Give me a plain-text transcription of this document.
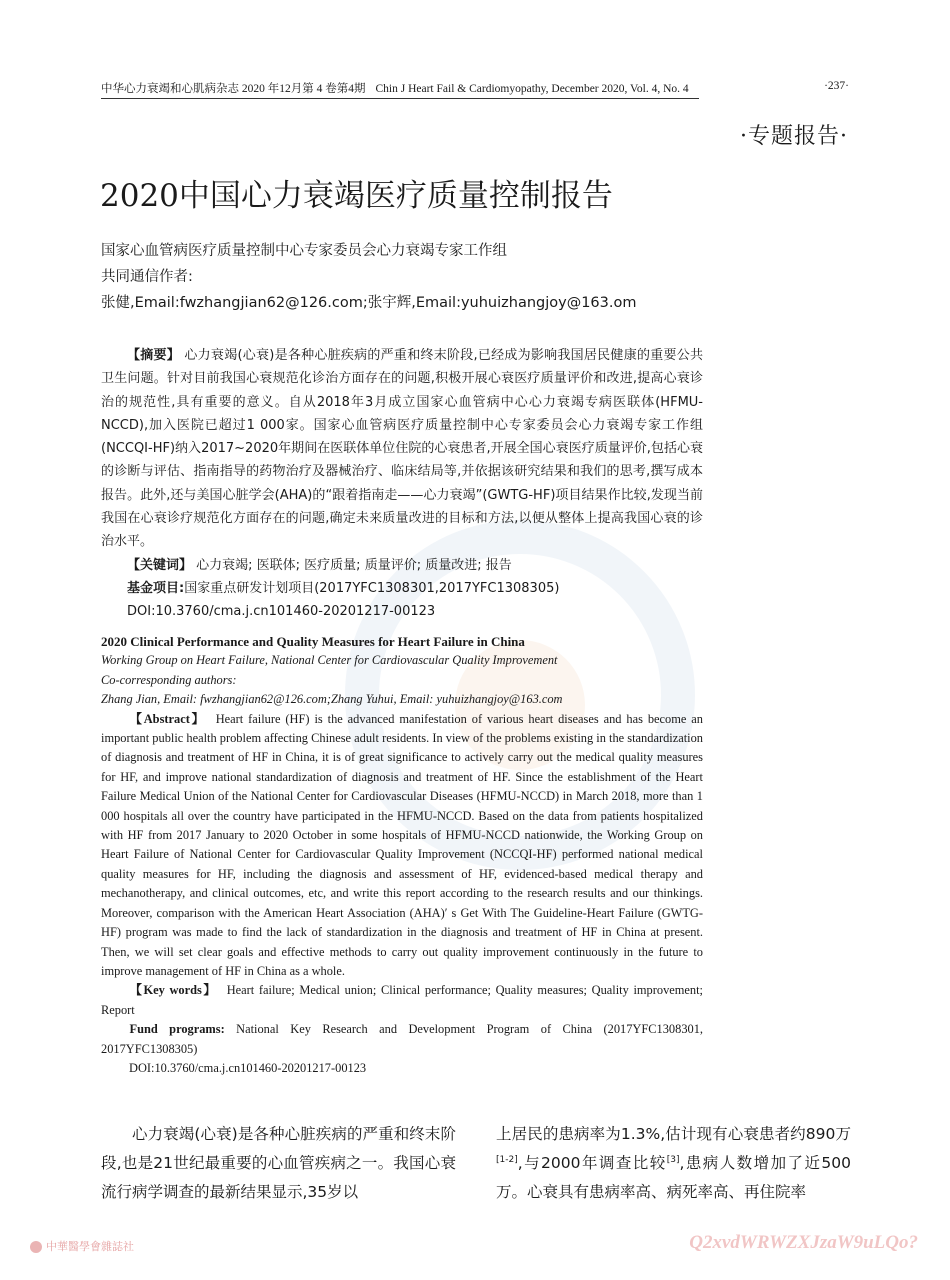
中华心力衰竭和心肌病杂志 2020 年12月第 4 卷第4期 Chin J Heart Fail & Cardiomyopathy, December 2020, Vol. 4, No. 4	·237·
·专题报告·
2020中国心力衰竭医疗质量控制报告
国家心血管病医疗质量控制中心专家委员会心力衰竭专家工作组
共同通信作者:
张健,Email:fwzhangjian62@126.com;张宇辉,Email:yuhuizhangjoy@163.om

【摘要】 心力衰竭(心衰)是各种心脏疾病的严重和终末阶段,已经成为影响我国居民健康的重要公共卫生问题。针对目前我国心衰规范化诊治方面存在的问题,积极开展心衰医疗质量评价和改进,提高心衰诊治的规范性,具有重要的意义。自从2018年3月成立国家心血管病中心心力衰竭专病医联体(HFMU-NCCD),加入医院已超过1 000家。国家心血管病医疗质量控制中心专家委员会心力衰竭专家工作组(NCCQI-HF)纳入2017~2020年期间在医联体单位住院的心衰患者,开展全国心衰医疗质量评价,包括心衰的诊断与评估、指南指导的药物治疗及器械治疗、临床结局等,并依据该研究结果和我们的思考,撰写成本报告。此外,还与美国心脏学会(AHA)的“跟着指南走——心力衰竭”(GWTG-HF)项目结果作比较,发现当前我国在心衰诊疗规范化方面存在的问题,确定未来质量改进的目标和方法,以便从整体上提高我国心衰的诊治水平。

【关键词】 心力衰竭; 医联体; 医疗质量; 质量评价; 质量改进; 报告

基金项目:国家重点研发计划项目(2017YFC1308301,2017YFC1308305)

DOI:10.3760/cma.j.cn101460-20201217-00123

2020 Clinical Performance and Quality Measures for Heart Failure in China

Working Group on Heart Failure, National Center for Cardiovascular Quality Improvement

Co-corresponding authors:

Zhang Jian, Email: fwzhangjian62@126.com;Zhang Yuhui, Email: yuhuizhangjoy@163.com

【Abstract】 Heart failure (HF) is the advanced manifestation of various heart diseases and has become an important public health problem affecting Chinese adult residents. In view of the problems existing in the standardization of diagnosis and treatment of HF in China, it is of great significance to actively carry out the medical quality measures for HF, and improve national standardization of diagnosis and treatment of HF. Since the establishment of the Heart Failure Medical Union of the National Center for Cardiovascular Diseases (HFMU-NCCD) in March 2018, more than 1 000 hospitals all over the country have participated in the HFMU-NCCD. Based on the data from patients hospitalized with HF from 2017 January to 2020 October in some hospitals of HFMU-NCCD nationwide, the Working Group on Heart Failure of National Center for Cardiovascular Quality Improvement (NCCQI-HF) performed national medical quality measures for HF, including the diagnosis and assessment of HF, evidenced-based medical therapy and mechanotherapy, and clinical outcomes, etc, and write this report according to the research results and our thinkings. Moreover, comparison with the American Heart Association (AHA)′ s Get With The Guideline-Heart Failure (GWTG-HF) program was made to find the lack of standardization in the diagnosis and treatment of HF in China at present. Then, we will set clear goals and effective methods to carry out quality improvement continuously in the future to improve management of HF in China as a whole.

【Key words】 Heart failure; Medical union; Clinical performance; Quality measures; Quality improvement; Report

Fund programs: National Key Research and Development Program of China (2017YFC1308301, 2017YFC1308305)

DOI:10.3760/cma.j.cn101460-20201217-00123

心力衰竭(心衰)是各种心脏疾病的严重和终末阶段,也是21世纪最重要的心血管疾病之一。我国心衰流行病学调查的最新结果显示,35岁以

上居民的患病率为1.3%,估计现有心衰患者约890万[1-2],与2000年调查比较[3],患病人数增加了近500万。心衰具有患病率高、病死率高、再住院率

中華醫學會雜誌社	Q2xvdWRWZXJzaW9uLQo?
